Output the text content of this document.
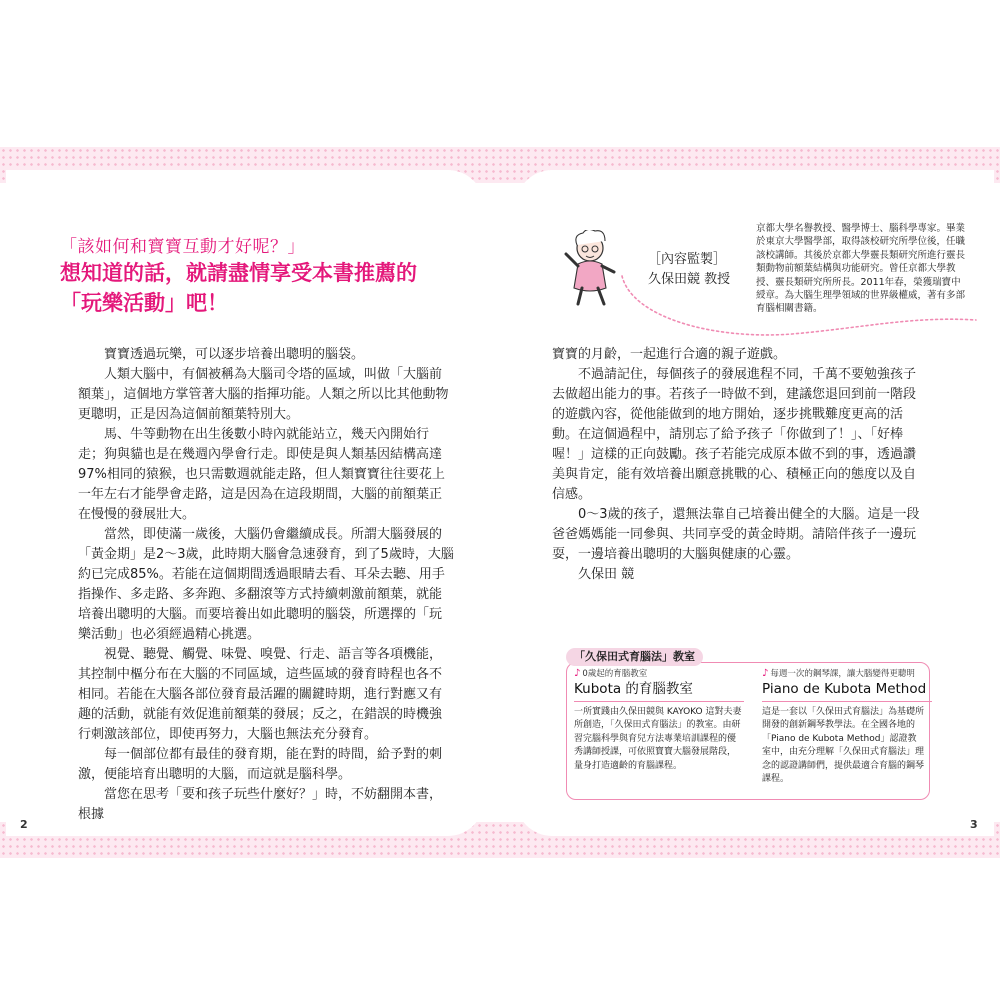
「該如何和寶寶互動才好呢？」
想知道的話，就請盡情享受本書推薦的
「玩樂活動」吧！

寶寶透過玩樂，可以逐步培養出聰明的腦袋。

人類大腦中，有個被稱為大腦司令塔的區域，叫做「大腦前額葉」，這個地方掌管著大腦的指揮功能。人類之所以比其他動物更聰明，正是因為這個前額葉特別大。

馬、牛等動物在出生後數小時內就能站立，幾天內開始行走；狗與貓也是在幾週內學會行走。即使是與人類基因結構高達97%相同的猿猴，也只需數週就能走路，但人類寶寶往往要花上一年左右才能學會走路，這是因為在這段期間，大腦的前額葉正在慢慢的發展壯大。

當然，即使滿一歲後，大腦仍會繼續成長。所謂大腦發展的「黃金期」是2～3歲，此時期大腦會急速發育，到了5歲時，大腦約已完成85%。若能在這個期間透過眼睛去看、耳朵去聽、用手指操作、多走路、多奔跑、多翻滾等方式持續刺激前額葉，就能培養出聰明的大腦。而要培養出如此聰明的腦袋，所選擇的「玩樂活動」也必須經過精心挑選。

視覺、聽覺、觸覺、味覺、嗅覺、行走、語言等各項機能，其控制中樞分布在大腦的不同區域，這些區域的發育時程也各不相同。若能在大腦各部位發育最活躍的關鍵時期，進行對應又有趣的活動，就能有效促進前額葉的發展；反之，在錯誤的時機強行刺激該部位，即使再努力，大腦也無法充分發育。

每一個部位都有最佳的發育期，能在對的時間，給予對的刺激，便能培育出聰明的大腦，而這就是腦科學。

當您在思考「要和孩子玩些什麼好？」時，不妨翻開本書，根據

［內容監製］
久保田競 教授
京都大學名譽教授、醫學博士、腦科學專家。畢業於東京大學醫學部，取得該校研究所學位後，任職該校講師。其後於京都大學靈長類研究所進行靈長類動物前額葉結構與功能研究。曾任京都大學教授、靈長類研究所所長。2011年春，榮獲瑞寶中綬章。為大腦生理學領域的世界級權威，著有多部育腦相關書籍。

寶寶的月齡，一起進行合適的親子遊戲。

不過請記住，每個孩子的發展進程不同，千萬不要勉強孩子去做超出能力的事。若孩子一時做不到，建議您退回到前一階段的遊戲內容，從他能做到的地方開始，逐步挑戰難度更高的活動。在這個過程中，請別忘了給予孩子「你做到了！」、「好棒喔！」這樣的正向鼓勵。孩子若能完成原本做不到的事，透過讚美與肯定，能有效培養出願意挑戰的心、積極正向的態度以及自信感。

0～3歲的孩子，還無法靠自己培養出健全的大腦。這是一段爸爸媽媽能一同參與、共同享受的黃金時期。請陪伴孩子一邊玩耍，一邊培養出聰明的大腦與健康的心靈。

久保田 競

「久保田式育腦法」教室
♪ 0歲起的育腦教室
Kubota 的育腦教室
一所實踐由久保田競與 KAYOKO 這對夫妻所創造，「久保田式育腦法」的教室。由研習完腦科學與育兒方法專業培訓課程的優秀講師授課，可依照寶寶大腦發展階段，量身打造適齡的育腦課程。
♪ 每週一次的鋼琴課，讓大腦變得更聰明
Piano de Kubota Method
這是一套以「久保田式育腦法」為基礎所開發的創新鋼琴教學法。在全國各地的「Piano de Kubota Method」認證教室中，由充分理解「久保田式育腦法」理念的認證講師們，提供最適合育腦的鋼琴課程。
2	3
